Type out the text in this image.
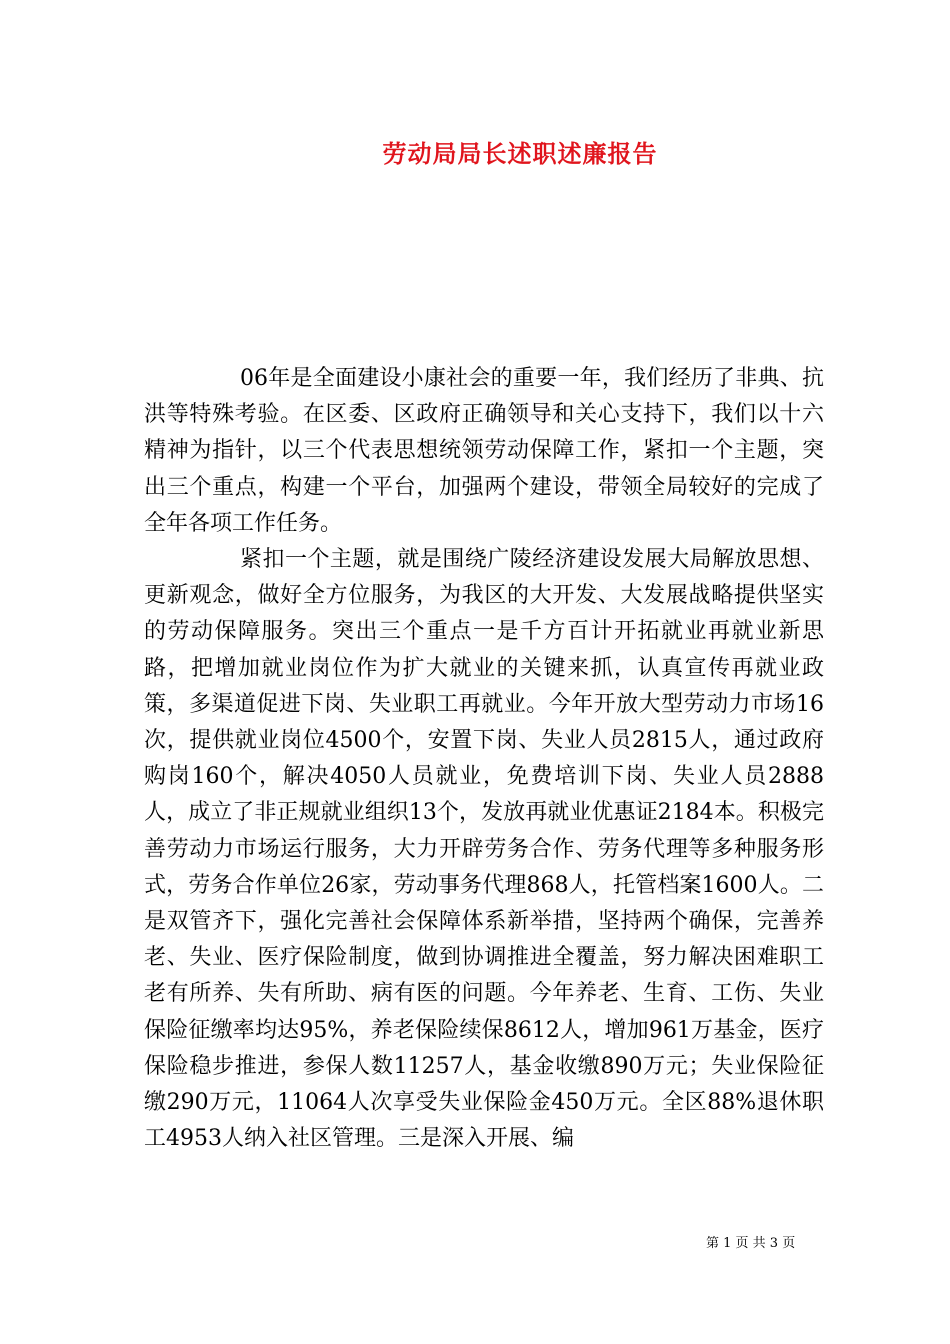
劳动局局长述职述廉报告

06年是全面建设小康社会的重要一年，我们经历了非典、抗洪等特殊考验。在区委、区政府正确领导和关心支持下，我们以十六精神为指针，以三个代表思想统领劳动保障工作，紧扣一个主题，突出三个重点，构建一个平台，加强两个建设，带领全局较好的完成了全年各项工作任务。

紧扣一个主题，就是围绕广陵经济建设发展大局解放思想、更新观念，做好全方位服务，为我区的大开发、大发展战略提供坚实的劳动保障服务。突出三个重点一是千方百计开拓就业再就业新思路，把增加就业岗位作为扩大就业的关键来抓，认真宣传再就业政策，多渠道促进下岗、失业职工再就业。今年开放大型劳动力市场16次，提供就业岗位4500个，安置下岗、失业人员2815人，通过政府购岗160个，解决4050人员就业，免费培训下岗、失业人员2888人，成立了非正规就业组织13个，发放再就业优惠证2184本。积极完善劳动力市场运行服务，大力开辟劳务合作、劳务代理等多种服务形式，劳务合作单位26家，劳动事务代理868人，托管档案1600人。二是双管齐下，强化完善社会保障体系新举措，坚持两个确保，完善养老、失业、医疗保险制度，做到协调推进全覆盖，努力解决困难职工老有所养、失有所助、病有医的问题。今年养老、生育、工伤、失业保险征缴率均达95%，养老保险续保8612人，增加961万基金，医疗保险稳步推进，参保人数11257人，基金收缴890万元；失业保险征缴290万元，11064人次享受失业保险金450万元。全区88%退休职工4953人纳入社区管理。三是深入开展、编

第 1 页 共 3 页
